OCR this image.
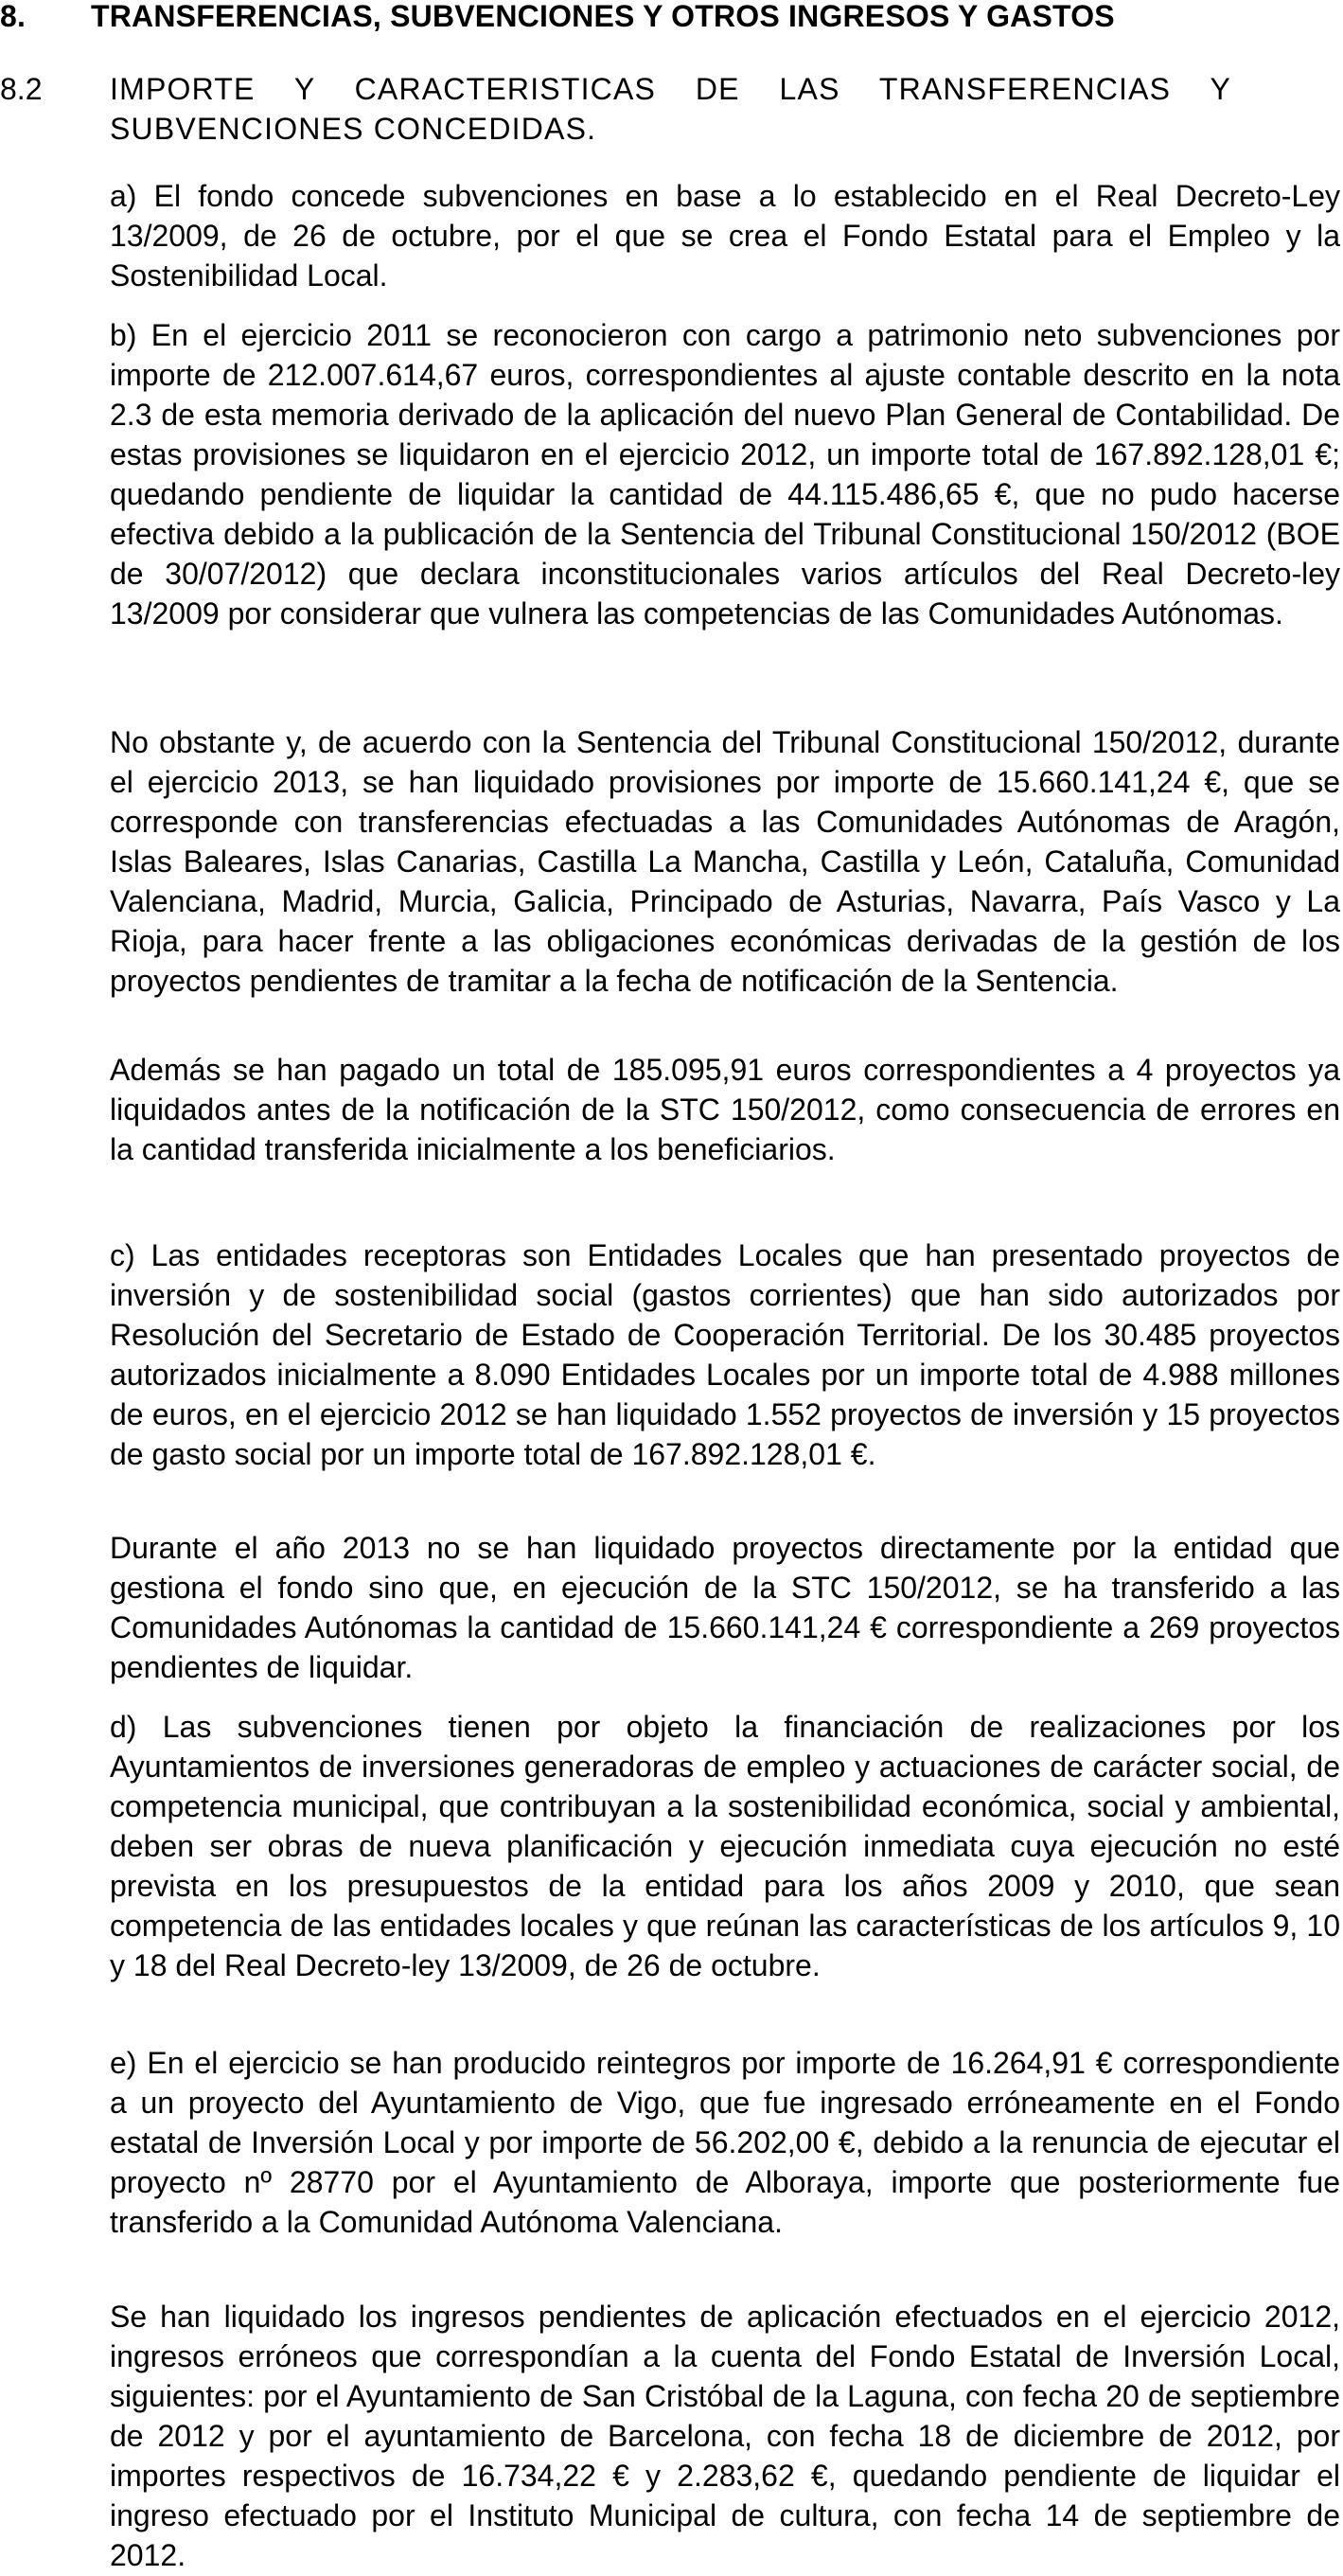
8. TRANSFERENCIAS, SUBVENCIONES Y OTROS INGRESOS Y GASTOS
8.2 IMPORTE Y CARACTERISTICAS DE LAS TRANSFERENCIAS Y SUBVENCIONES CONCEDIDAS.

a) El fondo concede subvenciones en base a lo establecido en el Real Decreto-Ley 13/2009, de 26 de octubre, por el que se crea el Fondo Estatal para el Empleo y la Sostenibilidad Local.

b) En el ejercicio 2011 se reconocieron con cargo a patrimonio neto subvenciones por importe de 212.007.614,67 euros, correspondientes al ajuste contable descrito en la nota 2.3 de esta memoria derivado de la aplicación del nuevo Plan General de Contabilidad. De estas provisiones se liquidaron en el ejercicio 2012, un importe total de 167.892.128,01 €; quedando pendiente de liquidar la cantidad de 44.115.486,65 €, que no pudo hacerse efectiva debido a la publicación de la Sentencia del Tribunal Constitucional 150/2012 (BOE de 30/07/2012) que declara inconstitucionales varios artículos del Real Decreto-ley 13/2009 por considerar que vulnera las competencias de las Comunidades Autónomas.

No obstante y, de acuerdo con la Sentencia del Tribunal Constitucional 150/2012, durante el ejercicio 2013, se han liquidado provisiones por importe de 15.660.141,24 €, que se corresponde con transferencias efectuadas a las Comunidades Autónomas de Aragón, Islas Baleares, Islas Canarias, Castilla La Mancha, Castilla y León, Cataluña, Comunidad Valenciana, Madrid, Murcia, Galicia, Principado de Asturias, Navarra, País Vasco y La Rioja, para hacer frente a las obligaciones económicas derivadas de la gestión de los proyectos pendientes de tramitar a la fecha de notificación de la Sentencia.

Además se han pagado un total de 185.095,91 euros correspondientes a 4 proyectos ya liquidados antes de la notificación de la STC 150/2012, como consecuencia de errores en la cantidad transferida inicialmente a los beneficiarios.

c) Las entidades receptoras son Entidades Locales que han presentado proyectos de inversión y de sostenibilidad social (gastos corrientes) que han sido autorizados por Resolución del Secretario de Estado de Cooperación Territorial. De los 30.485 proyectos autorizados inicialmente a 8.090 Entidades Locales por un importe total de 4.988 millones de euros, en el ejercicio 2012 se han liquidado 1.552 proyectos de inversión y 15 proyectos de gasto social por un importe total de 167.892.128,01 €.

Durante el año 2013 no se han liquidado proyectos directamente por la entidad que gestiona el fondo sino que, en ejecución de la STC 150/2012, se ha transferido a las Comunidades Autónomas la cantidad de 15.660.141,24 € correspondiente a 269 proyectos pendientes de liquidar.

d) Las subvenciones tienen por objeto la financiación de realizaciones por los Ayuntamientos de inversiones generadoras de empleo y actuaciones de carácter social, de competencia municipal, que contribuyan a la sostenibilidad económica, social y ambiental, deben ser obras de nueva planificación y ejecución inmediata cuya ejecución no esté prevista en los presupuestos de la entidad para los años 2009 y 2010, que sean competencia de las entidades locales y que reúnan las características de los artículos 9, 10 y 18 del Real Decreto-ley 13/2009, de 26 de octubre.

e) En el ejercicio se han producido reintegros por importe de 16.264,91 € correspondiente a un proyecto del Ayuntamiento de Vigo, que fue ingresado erróneamente en el Fondo estatal de Inversión Local y por importe de 56.202,00 €, debido a la renuncia de ejecutar el proyecto nº 28770 por el Ayuntamiento de Alboraya, importe que posteriormente fue transferido a la Comunidad Autónoma Valenciana.

Se han liquidado los ingresos pendientes de aplicación efectuados en el ejercicio 2012, ingresos erróneos que correspondían a la cuenta del Fondo Estatal de Inversión Local, siguientes: por el Ayuntamiento de San Cristóbal de la Laguna, con fecha 20 de septiembre de 2012 y por el ayuntamiento de Barcelona, con fecha 18 de diciembre de 2012, por importes respectivos de 16.734,22 € y 2.283,62 €, quedando pendiente de liquidar el ingreso efectuado por el Instituto Municipal de cultura, con fecha 14 de septiembre de 2012.
